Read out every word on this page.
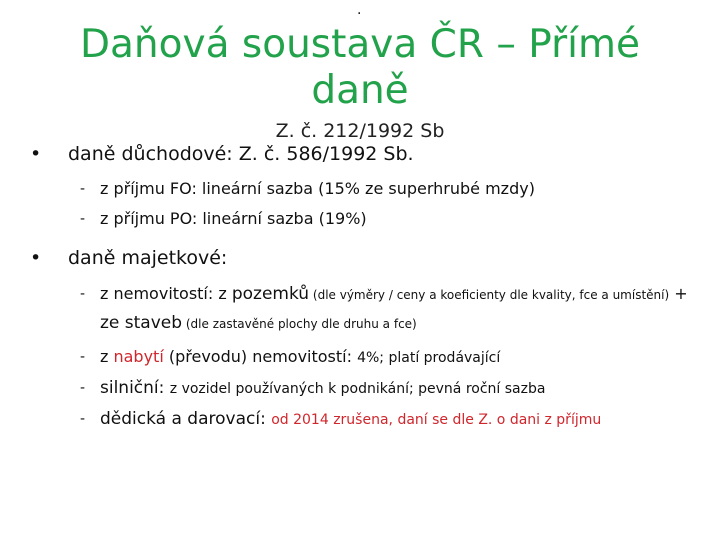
.
Daňová soustava ČR – Přímé
daně
Z. č. 212/1992 Sb
• daně důchodové: Z. č. 586/1992 Sb.
- z příjmu FO: lineární sazba (15% ze superhrubé mzdy)
- z příjmu PO: lineární sazba (19%)
• daně majetkové:
- z nemovitostí: z pozemků (dle výměry / ceny a koeficienty dle kvality, fce a umístění) + ze staveb (dle zastavěné plochy dle druhu a fce)
- z nabytí (převodu) nemovitostí: 4%; platí prodávající
- silniční: z vozidel používaných k podnikání; pevná roční sazba
- dědická a darovací: od 2014 zrušena, daní se dle Z. o dani z příjmu
